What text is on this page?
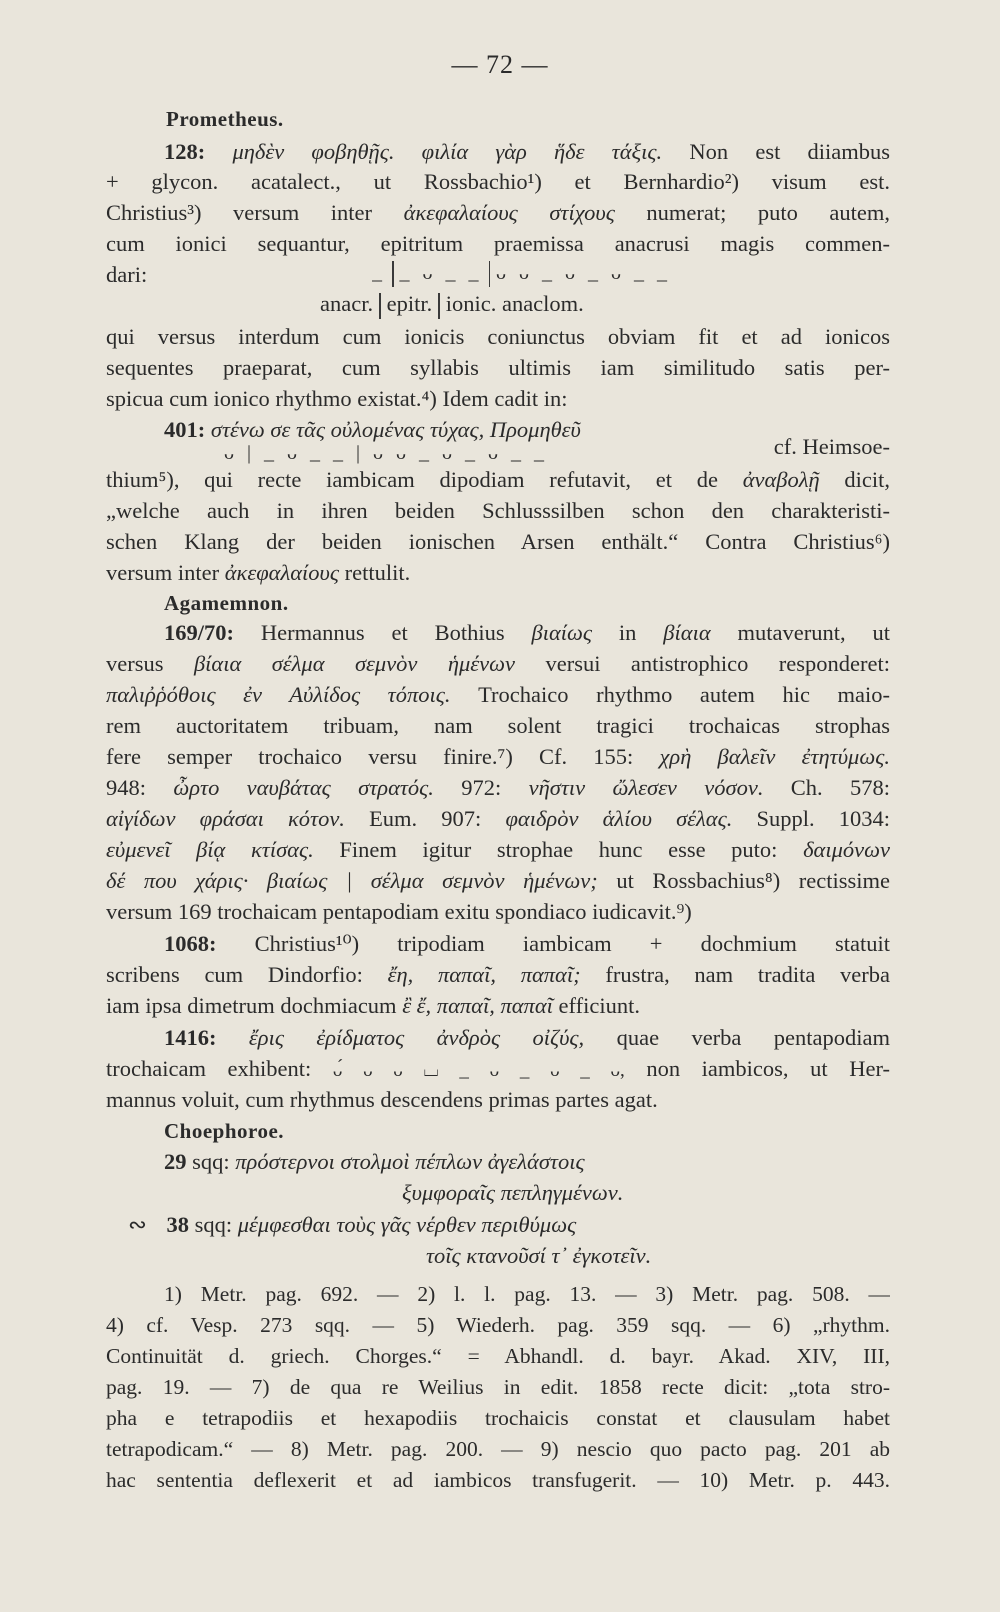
— 72 —
Prometheus.
128: μηδὲν φοβηθῇς. φιλία γὰρ ἥδε τάξις. Non est diiambus
+ glycon. acatalect., ut Rossbachio¹) et Bernhardio²) visum est.
Christius³) versum inter ἀκεφαλαίους στίχους numerat; puto autem,
cum ionici sequantur, epitritum praemissa anacrusi magis commen-
dari:	_ _ ᴗ _ _ ᴗ ᴗ _ ᴗ _ ᴗ _ _
anacr. epitr. ionic. anaclom.
qui versus interdum cum ionicis coniunctus obviam fit et ad ionicos
sequentes praeparat, cum syllabis ultimis iam similitudo satis per-
spicua cum ionico rhythmo existat.⁴) Idem cadit in:
401: στένω σε τᾶς οὐλομένας τύχας, Προμηθεῦ
cf. Heimsoe-
ᴗ | _ ᴗ _ _ | ᴗ ᴗ _ ᴗ _ ᴗ _ _
thium⁵), qui recte iambicam dipodiam refutavit, et de ἀναβολῇ dicit,
„welche auch in ihren beiden Schlusssilben schon den charakteristi-
schen Klang der beiden ionischen Arsen enthält.“ Contra Christius⁶)
versum inter ἀκεφαλαίους rettulit.
Agamemnon.
169/70: Hermannus et Bothius βιαίως in βίαια mutaverunt, ut
versus βίαια σέλμα σεμνὸν ἡμένων versui antistrophico responderet:
παλιῤῥόθοις ἐν Αὐλίδος τόποις. Trochaico rhythmo autem hic maio-
rem auctoritatem tribuam, nam solent tragici trochaicas strophas
fere semper trochaico versu finire.⁷) Cf. 155: χρὴ βαλεῖν ἐτητύμως.
948: ὦρτο ναυβάτας στρατός. 972: νῆστιν ὤλεσεν νόσον. Ch. 578:
αἰγίδων φράσαι κότον. Eum. 907: φαιδρὸν ἁλίου σέλας. Suppl. 1034:
εὐμενεῖ βίᾳ κτίσας. Finem igitur strophae hunc esse puto: δαιμόνων
δέ που χάρις· βιαίως | σέλμα σεμνὸν ἡμένων; ut Rossbachius⁸) rectissime
versum 169 trochaicam pentapodiam exitu spondiaco iudicavit.⁹)
1068: Christius¹⁰) tripodiam iambicam + dochmium statuit
scribens cum Dindorfio: ἔη, παπαῖ, παπαῖ; frustra, nam tradita verba
iam ipsa dimetrum dochmiacum ἒ ἔ, παπαῖ, παπαῖ efficiunt.
1416: ἔρις ἐρίδματος ἀνδρὸς οἰζύς, quae verba pentapodiam
trochaicam exhibent: ᴗ́ ᴗ ᴗ ⌴ _ ᴗ _ ᴗ _ ᴗ, non iambicos, ut Her-
mannus voluit, cum rhythmus descendens primas partes agat.
Choephoroe.
29 sqq: πρόστερνοι στολμοὶ πέπλων ἀγελάστοις
ξυμφοραῖς πεπληγμένων.
∾ 38 sqq: μέμφεσθαι τοὺς γᾶς νέρθεν περιθύμως
τοῖς κτανοῦσί τ᾽ ἐγκοτεῖν.
1) Metr. pag. 692. — 2) l. l. pag. 13. — 3) Metr. pag. 508. —
4) cf. Vesp. 273 sqq. — 5) Wiederh. pag. 359 sqq. — 6) „rhythm.
Continuität d. griech. Chorges.“ = Abhandl. d. bayr. Akad. XIV, III,
pag. 19. — 7) de qua re Weilius in edit. 1858 recte dicit: „tota stro-
pha e tetrapodiis et hexapodiis trochaicis constat et clausulam habet
tetrapodicam.“ — 8) Metr. pag. 200. — 9) nescio quo pacto pag. 201 ab
hac sententia deflexerit et ad iambicos transfugerit. — 10) Metr. p. 443.
